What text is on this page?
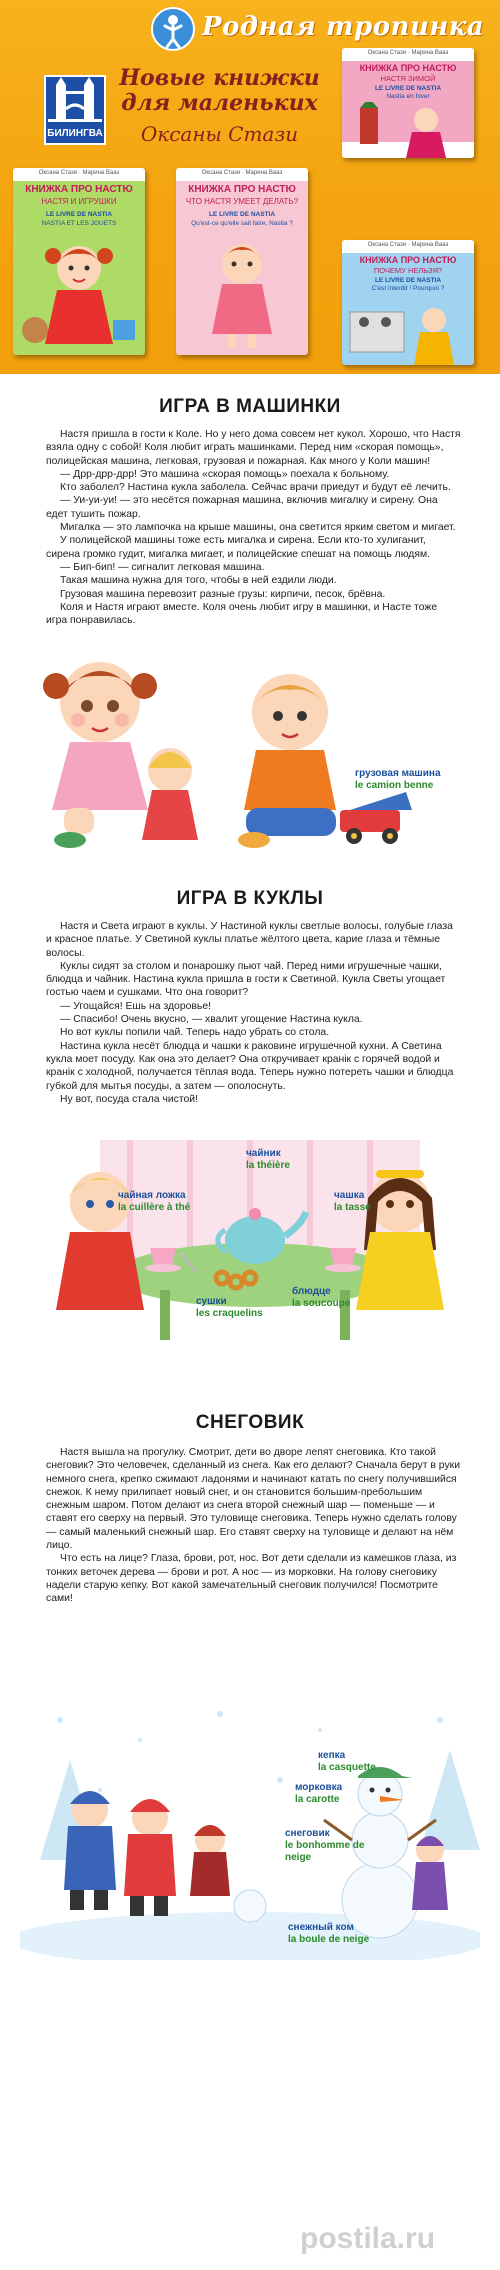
Родная тропинка
БИЛИНГВА
Новые книжки
для маленьких
Оксаны Стази
Оксана Стази · Марина Вааз
КНИЖКА ПРО НАСТЮ
НАСТЯ И ИГРУШКИ
LE LIVRE DE NASTIA
NASTIA ET LES JOUETS
Оксана Стази · Марина Вааз
КНИЖКА ПРО НАСТЮ
ЧТО НАСТЯ УМЕЕТ ДЕЛАТЬ?
LE LIVRE DE NASTIA
Qu'est-ce qu'elle sait faire, Nastia ?
Оксана Стази · Марина Вааз
КНИЖКА ПРО НАСТЮ
НАСТЯ ЗИМОЙ
LE LIVRE DE NASTIA
Nastia en hiver
Оксана Стази · Марина Вааз
КНИЖКА ПРО НАСТЮ
ПОЧЕМУ НЕЛЬЗЯ?
LE LIVRE DE NASTIA
C'est interdit ! Pourquoi ?
ИГРА В МАШИНКИ

Настя пришла в гости к Коле. Но у него дома совсем нет кукол. Хорошо, что Настя взяла одну с собой! Коля любит играть машинками. Перед ним «скорая помощь», полицейская машина, легковая, грузовая и пожарная. Как много у Коли машин!

— Дрр-дрр-дрр! Это машина «скорая помощь» поехала к больному.

Кто заболел? Настина кукла заболела. Сейчас врачи приедут и будут её лечить.

— Уи-уи-уи! — это несётся пожарная машина, включив мигалку и сирену. Она едет тушить пожар.

Мигалка — это лампочка на крыше машины, она светится ярким светом и мигает.

У полицейской машины тоже есть мигалка и сирена. Если кто-то хулиганит, сирена громко гудит, мигалка мигает, и полицейские спешат на помощь людям.

— Бип-бип! — сигналит легковая машина.

Такая машина нужна для того, чтобы в ней ездили люди.

Грузовая машина перевозит разные грузы: кирпичи, песок, брёвна.

Коля и Настя играют вместе. Коля очень любит игру в машинки, и Насте тоже игра понравилась.

грузовая машина
le camion benne
ИГРА В КУКЛЫ

Настя и Света играют в куклы. У Настиной куклы светлые волосы, голубые глаза и красное платье. У Светиной куклы платье жёлтого цвета, карие глаза и тёмные волосы.

Куклы сидят за столом и понарошку пьют чай. Перед ними игрушечные чашки, блюдца и чайник. Настина кукла пришла в гости к Светиной. Кукла Светы угощает гостью чаем и сушками. Что она говорит?

— Угощайся! Ешь на здоровье!

— Спасибо! Очень вкусно, — хвалит угощение Настина кукла.

Но вот куклы попили чай. Теперь надо убрать со стола.

Настина кукла несёт блюдца и чашки к раковине игрушечной кухни. А Светина кукла моет посуду. Как она это делает? Она откручивает кранік с горячей водой и кранік с холодной, получается тёплая вода. Теперь нужно потереть чашки и блюдца губкой для мытья посуды, а затем — ополоснуть.

Ну вот, посуда стала чистой!

чайник
la théière
чайная ложка
la cuillère à thé
чашка
la tasse
сушки
les craquelins
блюдце
la soucoupe
СНЕГОВИК

Настя вышла на прогулку. Смотрит, дети во дворе лепят снеговика. Кто такой снеговик? Это человечек, сделанный из снега. Как его делают? Сначала берут в руки немного снега, крепко сжимают ладонями и начинают катать по снегу получившийся снежок. К нему прилипает новый снег, и он становится большим-пребольшим снежным шаром. Потом делают из снега второй снежный шар — поменьше — и ставят его сверху на первый. Это туловище снеговика. Теперь нужно сделать голову — самый маленький снежный шар. Его ставят сверху на туловище и делают на нём лицо.

Что есть на лице? Глаза, брови, рот, нос. Вот дети сделали из камешков глаза, из тонких веточек дерева — брови и рот. А нос — из морковки. На голову снеговику надели старую кепку. Вот какой замечательный снеговик получился! Посмотрите сами!

кепка
la casquette
морковка
la carotte
снеговик
le bonhomme de neige
снежный ком
la boule de neige
postila.ru
